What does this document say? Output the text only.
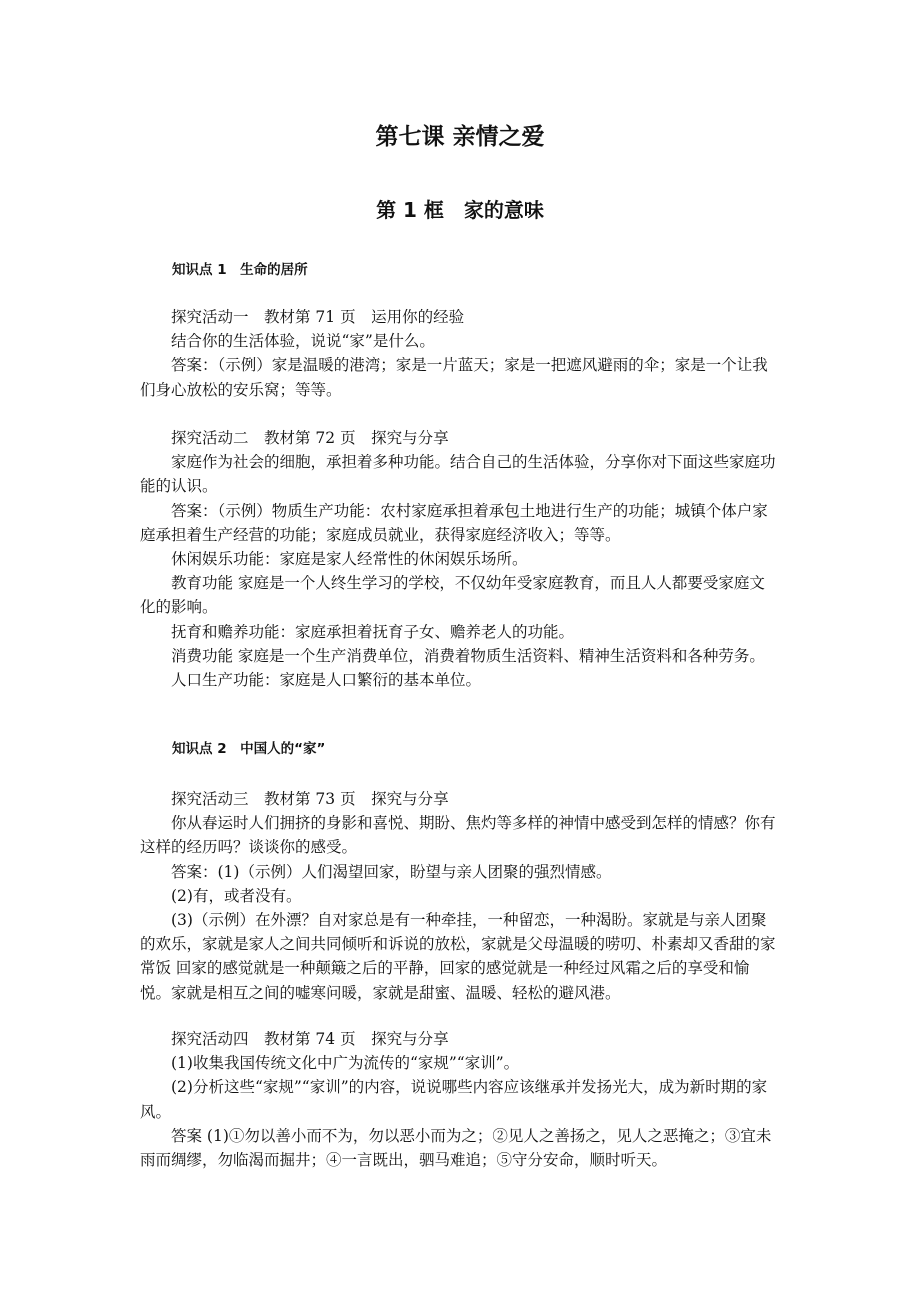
第七课 亲情之爱
第 1 框　家的意味

知识点 1　生命的居所

探究活动一　教材第 71 页　运用你的经验

结合你的生活体验，说说“家”是什么。

答案：（示例）家是温暖的港湾；家是一片蓝天；家是一把遮风避雨的伞；家是一个让我们身心放松的安乐窝；等等。

探究活动二　教材第 72 页　探究与分享

家庭作为社会的细胞，承担着多种功能。结合自己的生活体验，分享你对下面这些家庭功能的认识。

答案：（示例）物质生产功能：农村家庭承担着承包土地进行生产的功能；城镇个体户家庭承担着生产经营的功能；家庭成员就业，获得家庭经济收入；等等。

休闲娱乐功能：家庭是家人经常性的休闲娱乐场所。

教育功能 家庭是一个人终生学习的学校，不仅幼年受家庭教育，而且人人都要受家庭文化的影响。

抚育和赡养功能：家庭承担着抚育子女、赡养老人的功能。

消费功能 家庭是一个生产消费单位，消费着物质生活资料、精神生活资料和各种劳务。

人口生产功能：家庭是人口繁衍的基本单位。

知识点 2　中国人的“家”

探究活动三　教材第 73 页　探究与分享

你从春运时人们拥挤的身影和喜悦、期盼、焦灼等多样的神情中感受到怎样的情感？你有这样的经历吗？谈谈你的感受。

答案：(1)（示例）人们渴望回家，盼望与亲人团聚的强烈情感。

(2)有，或者没有。

(3)（示例）在外漂？自对家总是有一种牵挂，一种留恋，一种渴盼。家就是与亲人团聚的欢乐，家就是家人之间共同倾听和诉说的放松，家就是父母温暖的唠叨、朴素却又香甜的家常饭 回家的感觉就是一种颠簸之后的平静，回家的感觉就是一种经过风霜之后的享受和愉悦。家就是相互之间的嘘寒问暖，家就是甜蜜、温暖、轻松的避风港。

探究活动四　教材第 74 页　探究与分享

(1)收集我国传统文化中广为流传的“家规”“家训”。

(2)分析这些“家规”“家训”的内容，说说哪些内容应该继承并发扬光大，成为新时期的家风。

答案 (1)①勿以善小而不为，勿以恶小而为之；②见人之善扬之，见人之恶掩之；③宜未雨而绸缪，勿临渴而掘井；④一言既出，驷马难追；⑤守分安命，顺时听天。
